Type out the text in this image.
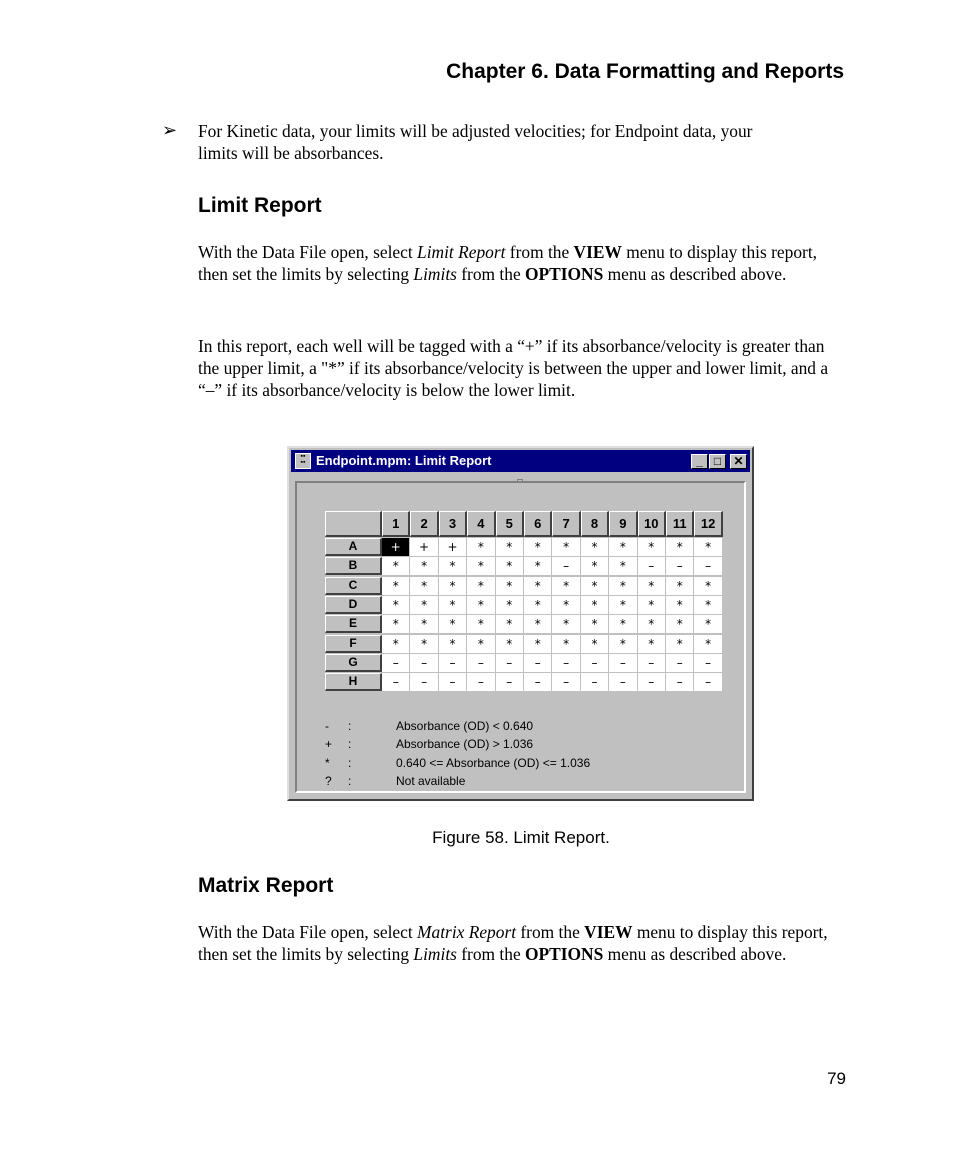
Chapter 6. Data Formatting and Reports
➢ For Kinetic data, your limits will be adjusted velocities; for Endpoint data, your
limits will be absorbances.
Limit Report
With the Data File open, select Limit Report from the VIEW menu to display this report, then set the limits by selecting Limits from the OPTIONS menu as described above.
In this report, each well will be tagged with a “+” if its absorbance/velocity is greater than the upper limit, a "*” if its absorbance/velocity is between the upper and lower limit, and a “–” if its absorbance/velocity is below the lower limit.
▪▪
▪▪ Endpoint.mpm: Limit Report	_ □	✕
1	2	3	4	5	6	7	8	9	10	11	12
A	+	+	+	*	*	*	*	*	*	*	*	*
B	*	*	*	*	*	*	–	*	*	–	–	–
C	*	*	*	*	*	*	*	*	*	*	*	*
D	*	*	*	*	*	*	*	*	*	*	*	*
E	*	*	*	*	*	*	*	*	*	*	*	*
F	*	*	*	*	*	*	*	*	*	*	*	*
G	–	–	–	–	–	–	–	–	–	–	–	–
H	–	–	–	–	–	–	–	–	–	–	–	–
- :	Absorbance (OD) < 0.640
+ :	Absorbance (OD) > 1.036
* :	0.640 <= Absorbance (OD) <= 1.036
? :	Not available
Figure 58. Limit Report.
Matrix Report
With the Data File open, select Matrix Report from the VIEW menu to display this report, then set the limits by selecting Limits from the OPTIONS menu as described above.
79
